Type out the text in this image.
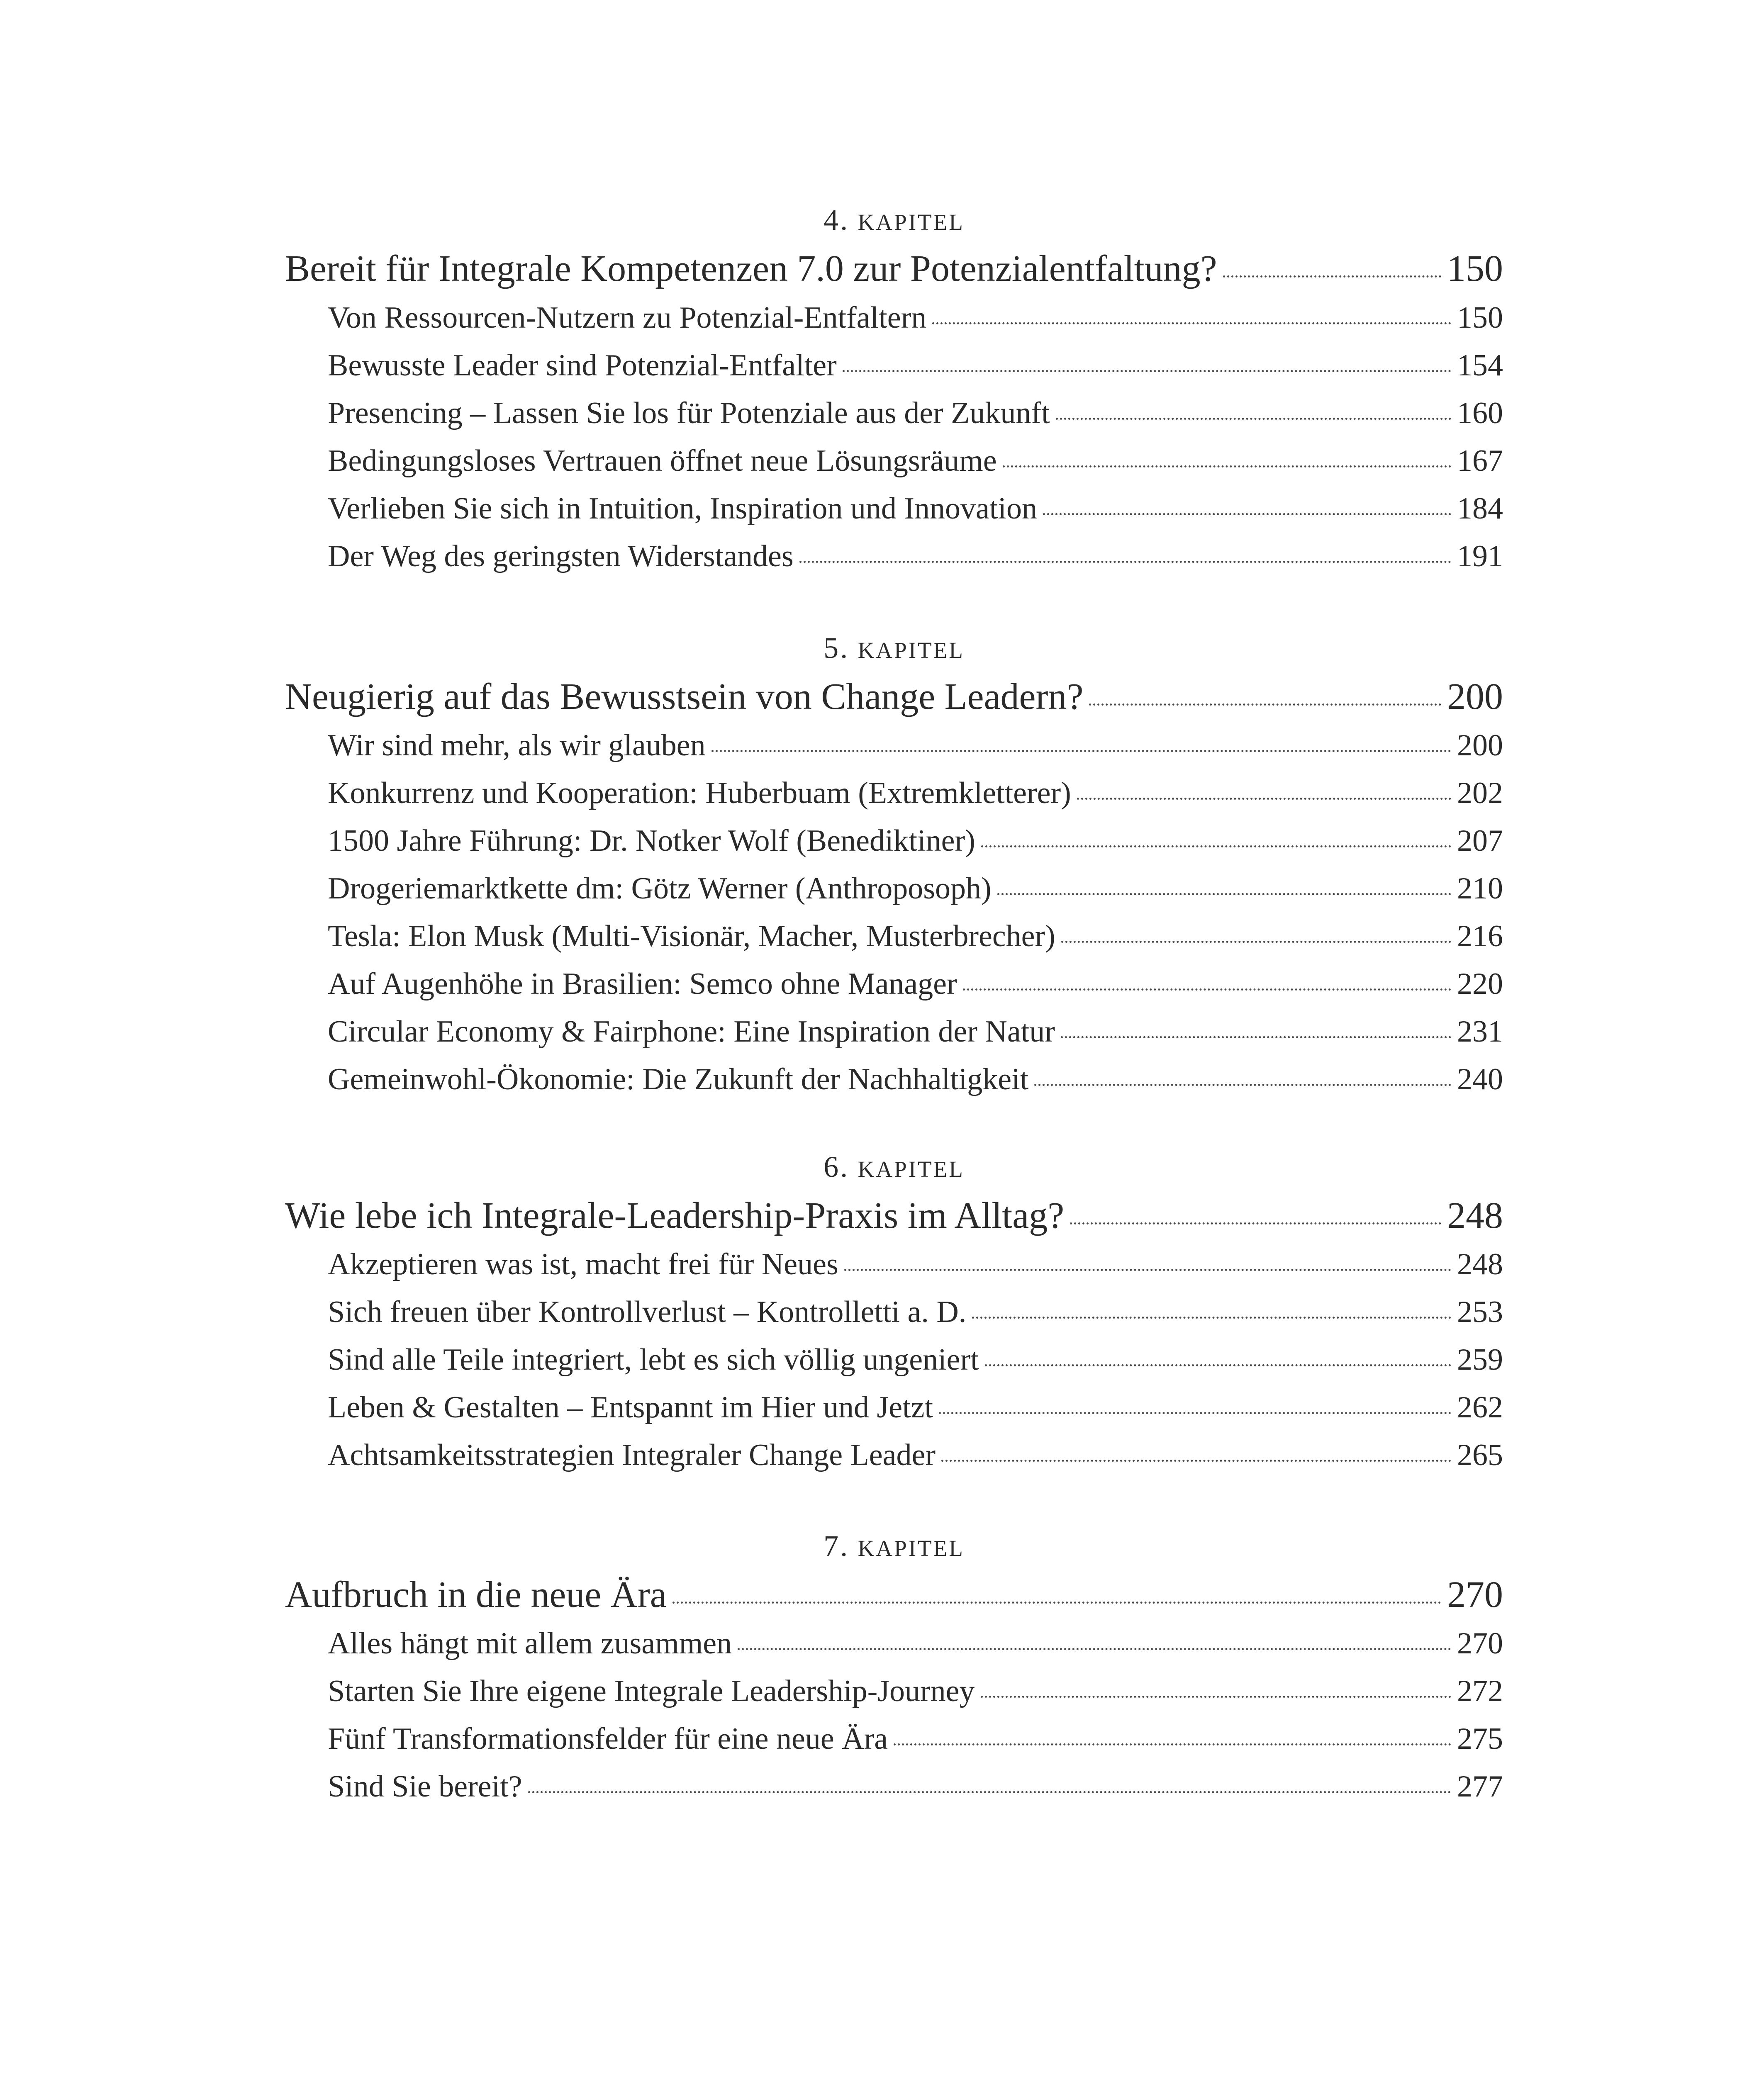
4. kapitel
Bereit für Integrale Kompetenzen 7.0 zur Potenzialentfaltung?	150
Von Ressourcen-Nutzern zu Potenzial-Entfaltern	150
Bewusste Leader sind Potenzial-Entfalter	154
Presencing – Lassen Sie los für Potenziale aus der Zukunft	160
Bedingungsloses Vertrauen öffnet neue Lösungsräume	167
Verlieben Sie sich in Intuition, Inspiration und Innovation	184
Der Weg des geringsten Widerstandes	191
5. kapitel
Neugierig auf das Bewusstsein von Change Leadern?	200
Wir sind mehr, als wir glauben	200
Konkurrenz und Kooperation: Huberbuam (Extremkletterer)	202
1500 Jahre Führung: Dr. Notker Wolf (Benediktiner)	207
Drogeriemarktkette dm: Götz Werner (Anthroposoph)	210
Tesla: Elon Musk (Multi-Visionär, Macher, Musterbrecher)	216
Auf Augenhöhe in Brasilien: Semco ohne Manager	220
Circular Economy & Fairphone: Eine Inspiration der Natur	231
Gemeinwohl-Ökonomie: Die Zukunft der Nachhaltigkeit	240
6. kapitel
Wie lebe ich Integrale-Leadership-Praxis im Alltag?	248
Akzeptieren was ist, macht frei für Neues	248
Sich freuen über Kontrollverlust – Kontrolletti a. D.	253
Sind alle Teile integriert, lebt es sich völlig ungeniert	259
Leben & Gestalten – Entspannt im Hier und Jetzt	262
Achtsamkeitsstrategien Integraler Change Leader	265
7. kapitel
Aufbruch in die neue Ära	270
Alles hängt mit allem zusammen	270
Starten Sie Ihre eigene Integrale Leadership-Journey	272
Fünf Transformationsfelder für eine neue Ära	275
Sind Sie bereit?	277
